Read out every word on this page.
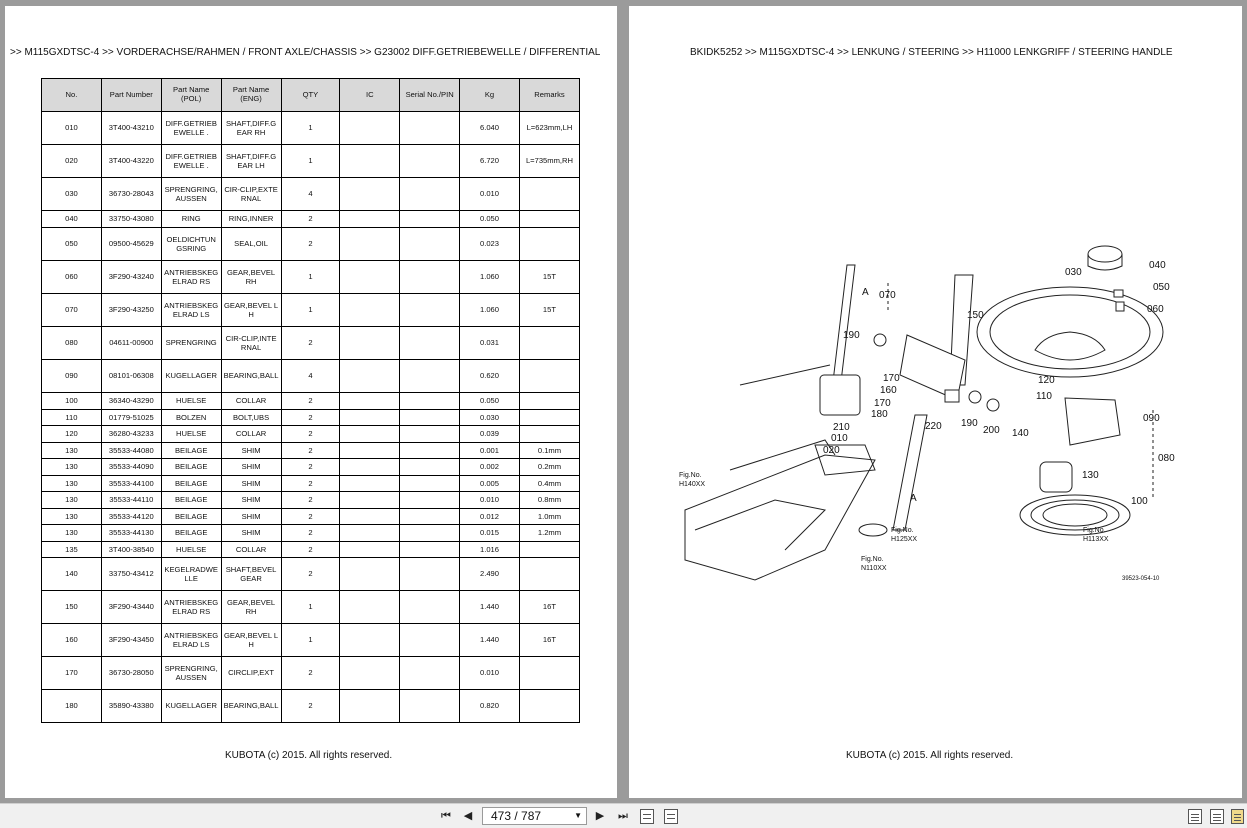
>> M115GXDTSC-4 >> VORDERACHSE/RAHMEN / FRONT AXLE/CHASSIS >> G23002 DIFF.GETRIEBEWELLE / DIFFERENTIAL
No.	Part Number	Part Name (POL)	Part Name (ENG)	QTY	IC	Serial No./PIN	Kg	Remarks
010	3T400-43210	DIFF.GETRIEBEWELLE .	SHAFT,DIFF.GEAR RH	1			6.040	L=623mm,LH
020	3T400-43220	DIFF.GETRIEBEWELLE .	SHAFT,DIFF.GEAR LH	1			6.720	L=735mm,RH
030	36730-28043	SPRENGRING,AUSSEN	CIR-CLIP,EXTERNAL	4			0.010	
040	33750-43080	RING	RING,INNER	2			0.050	
050	09500-45629	OELDICHTUNGSRING	SEAL,OIL	2			0.023	
060	3F290-43240	ANTRIEBSKEGELRAD RS	GEAR,BEVEL RH	1			1.060	15T
070	3F290-43250	ANTRIEBSKEGELRAD LS	GEAR,BEVEL LH	1			1.060	15T
080	04611-00900	SPRENGRING	CIR-CLIP,INTERNAL	2			0.031	
090	08101-06308	KUGELLAGER	BEARING,BALL	4			0.620	
100	36340-43290	HUELSE	COLLAR	2			0.050	
110	01779-51025	BOLZEN	BOLT,UBS	2			0.030	
120	36280-43233	HUELSE	COLLAR	2			0.039	
130	35533-44080	BEILAGE	SHIM	2			0.001	0.1mm
130	35533-44090	BEILAGE	SHIM	2			0.002	0.2mm
130	35533-44100	BEILAGE	SHIM	2			0.005	0.4mm
130	35533-44110	BEILAGE	SHIM	2			0.010	0.8mm
130	35533-44120	BEILAGE	SHIM	2			0.012	1.0mm
130	35533-44130	BEILAGE	SHIM	2			0.015	1.2mm
135	3T400-38540	HUELSE	COLLAR	2			1.016	
140	33750-43412	KEGELRADWELLE	SHAFT,BEVEL GEAR	2			2.490	
150	3F290-43440	ANTRIEBSKEGELRAD RS	GEAR,BEVEL RH	1			1.440	16T
160	3F290-43450	ANTRIEBSKEGELRAD LS	GEAR,BEVEL LH	1			1.440	16T
170	36730-28050	SPRENGRING,AUSSEN	CIRCLIP,EXT	2			0.010	
180	35890-43380	KUGELLAGER	BEARING,BALL	2			0.820	
KUBOTA (c) 2015. All rights reserved.
BKIDK5252 >> M115GXDTSC-4 >> LENKUNG / STEERING >> H11000 LENKGRIFF / STEERING HANDLE
030
040
050
060
070
080
090
100
110
120
130
140
150
160
170
170
180
190
190
200
210	220
010
020
A
A
Fig.No.
H140XX
Fig.No.
H125XX
Fig.No.
N110XX
Fig.No.
H113XX
39523-054-10
KUBOTA (c) 2015. All rights reserved.
⏮	◀	473 / 787	▼	▶	⏭
